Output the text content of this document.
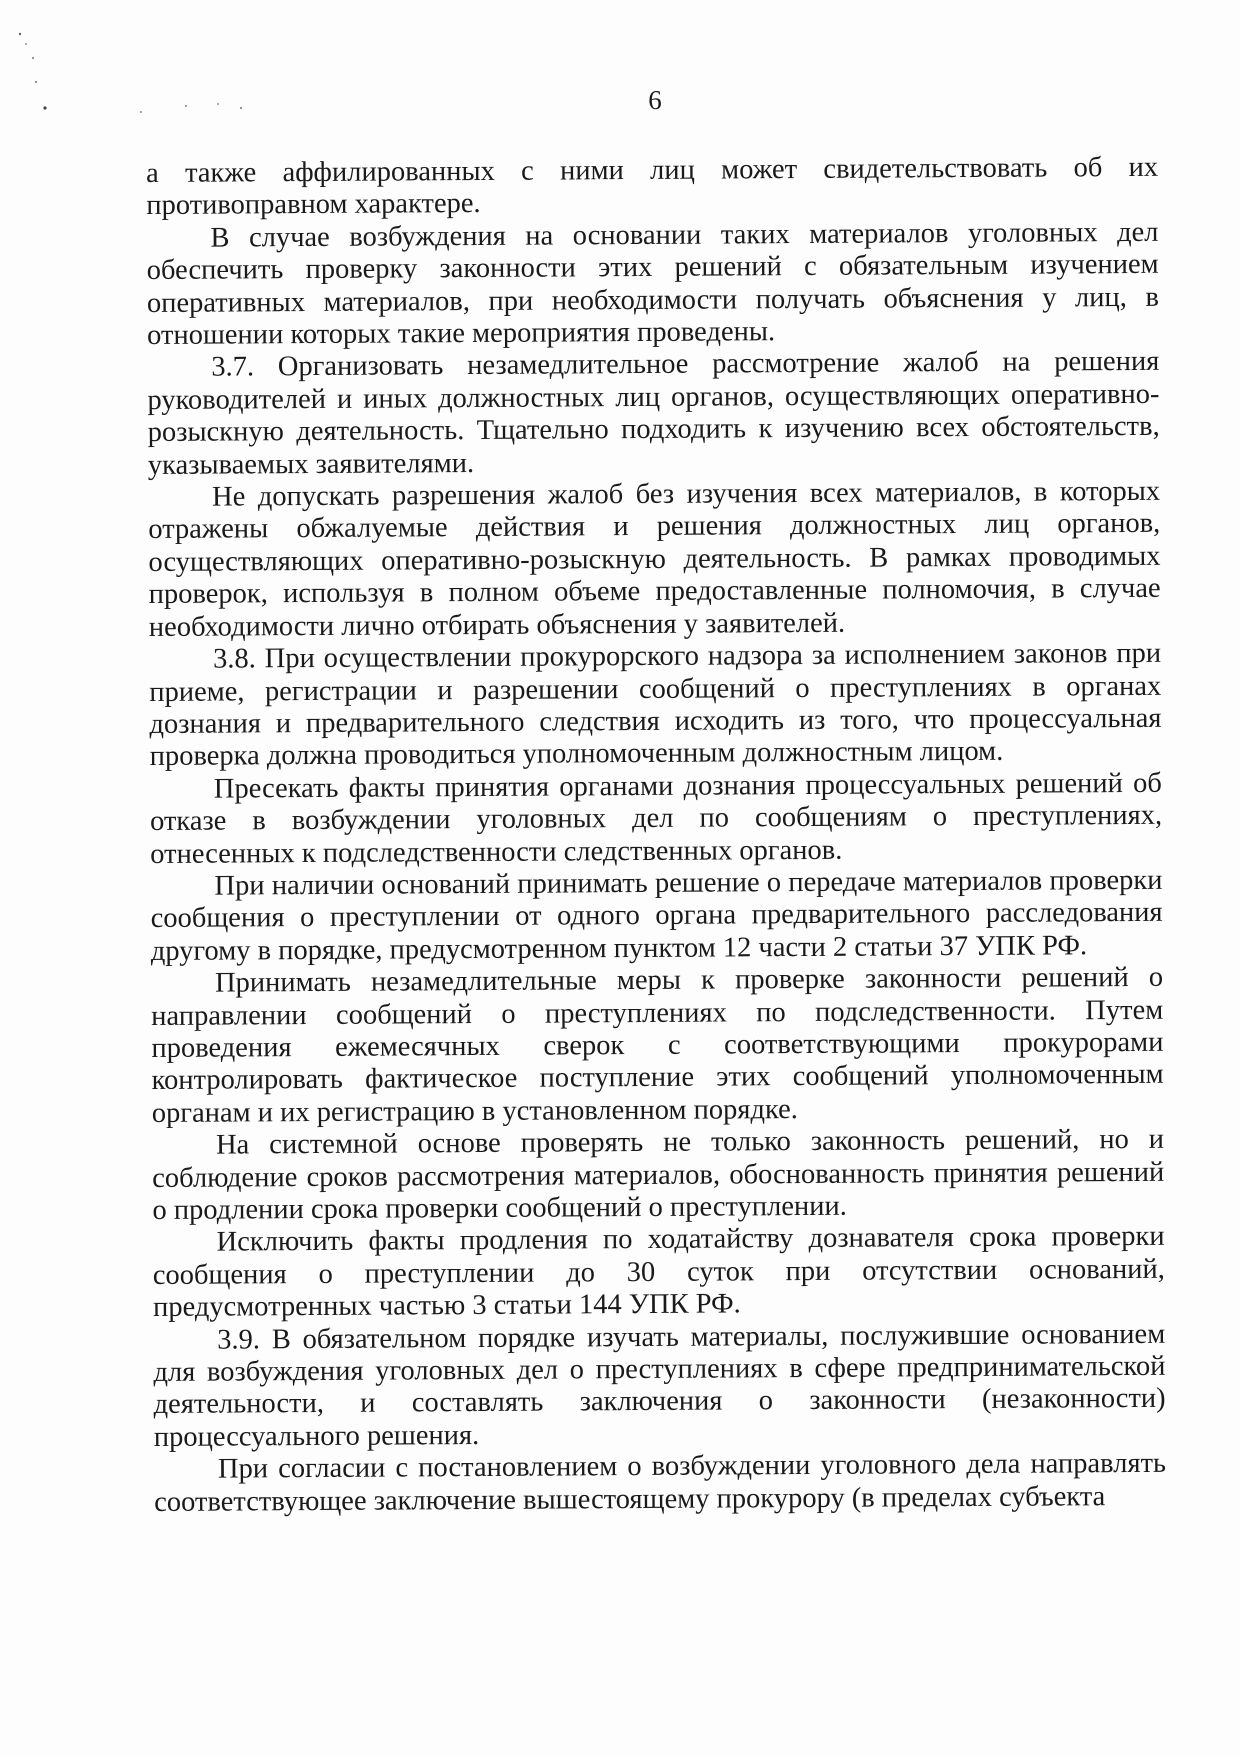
6

а также аффилированных с ними лиц может свидетельствовать об их противоправном характере.

В случае возбуждения на основании таких материалов уголовных дел обеспечить проверку законности этих решений с обязательным изучением оперативных материалов, при необходимости получать объяснения у лиц, в отношении которых такие мероприятия проведены.

3.7. Организовать незамедлительное рассмотрение жалоб на решения руководителей и иных должностных лиц органов, осуществляющих оперативно-розыскную деятельность. Тщательно подходить к изучению всех обстоятельств, указываемых заявителями.

Не допускать разрешения жалоб без изучения всех материалов, в которых отражены обжалуемые действия и решения должностных лиц органов, осуществляющих оперативно-розыскную деятельность. В рамках проводимых проверок, используя в полном объеме предоставленные полномочия, в случае необходимости лично отбирать объяснения у заявителей.

3.8. При осуществлении прокурорского надзора за исполнением законов при приеме, регистрации и разрешении сообщений о преступлениях в органах дознания и предварительного следствия исходить из того, что процессуальная проверка должна проводиться уполномоченным должностным лицом.

Пресекать факты принятия органами дознания процессуальных решений об отказе в возбуждении уголовных дел по сообщениям о преступлениях, отнесенных к подследственности следственных органов.

При наличии оснований принимать решение о передаче материалов проверки сообщения о преступлении от одного органа предварительного расследования другому в порядке, предусмотренном пунктом 12 части 2 статьи 37 УПК РФ.

Принимать незамедлительные меры к проверке законности решений о направлении сообщений о преступлениях по подследственности. Путем проведения ежемесячных сверок с соответствующими прокурорами контролировать фактическое поступление этих сообщений уполномоченным органам и их регистрацию в установленном порядке.

На системной основе проверять не только законность решений, но и соблюдение сроков рассмотрения материалов, обоснованность принятия решений о продлении срока проверки сообщений о преступлении.

Исключить факты продления по ходатайству дознавателя срока проверки сообщения о преступлении до 30 суток при отсутствии оснований, предусмотренных частью 3 статьи 144 УПК РФ.

3.9. В обязательном порядке изучать материалы, послужившие основанием для возбуждения уголовных дел о преступлениях в сфере предпринимательской деятельности, и составлять заключения о законности (незаконности) процессуального решения.

При согласии с постановлением о возбуждении уголовного дела направлять соответствующее заключение вышестоящему прокурору (в пределах субъекта
